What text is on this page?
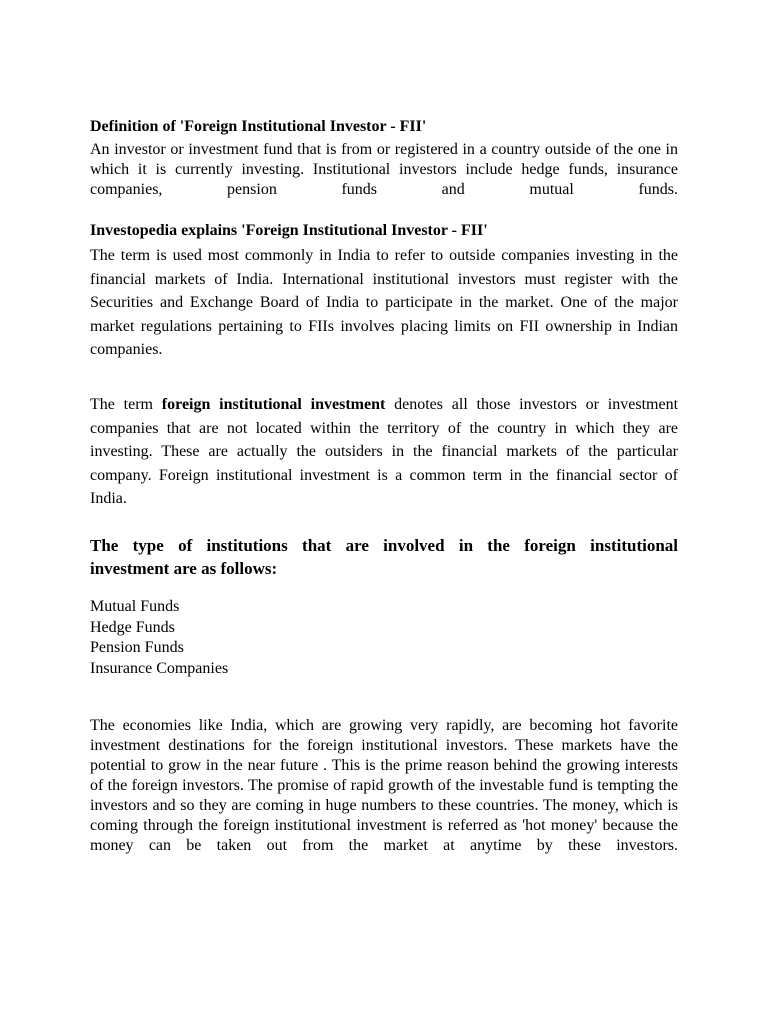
Definition of 'Foreign Institutional Investor - FII'

An investor or investment fund that is from or registered in a country outside of the one in which it is currently investing. Institutional investors include hedge funds, insurance companies, pension funds and mutual funds.

Investopedia explains 'Foreign Institutional Investor - FII'

The term is used most commonly in India to refer to outside companies investing in the financial markets of India. International institutional investors must register with the Securities and Exchange Board of India to participate in the market. One of the major market regulations pertaining to FIIs involves placing limits on FII ownership in Indian companies.

The term foreign institutional investment denotes all those investors or investment companies that are not located within the territory of the country in which they are investing. These are actually the outsiders in the financial markets of the particular company. Foreign institutional investment is a common term in the financial sector of India.

The type of institutions that are involved in the foreign institutional
investment are as follows:
Mutual Funds
Hedge Funds
Pension Funds
Insurance Companies

The economies like India, which are growing very rapidly, are becoming hot favorite investment destinations for the foreign institutional investors. These markets have the potential to grow in the near future . This is the prime reason behind the growing interests of the foreign investors. The promise of rapid growth of the investable fund is tempting the investors and so they are coming in huge numbers to these countries. The money, which is coming through the foreign institutional investment is referred as 'hot money' because the money can be taken out from the market at anytime by these investors.
